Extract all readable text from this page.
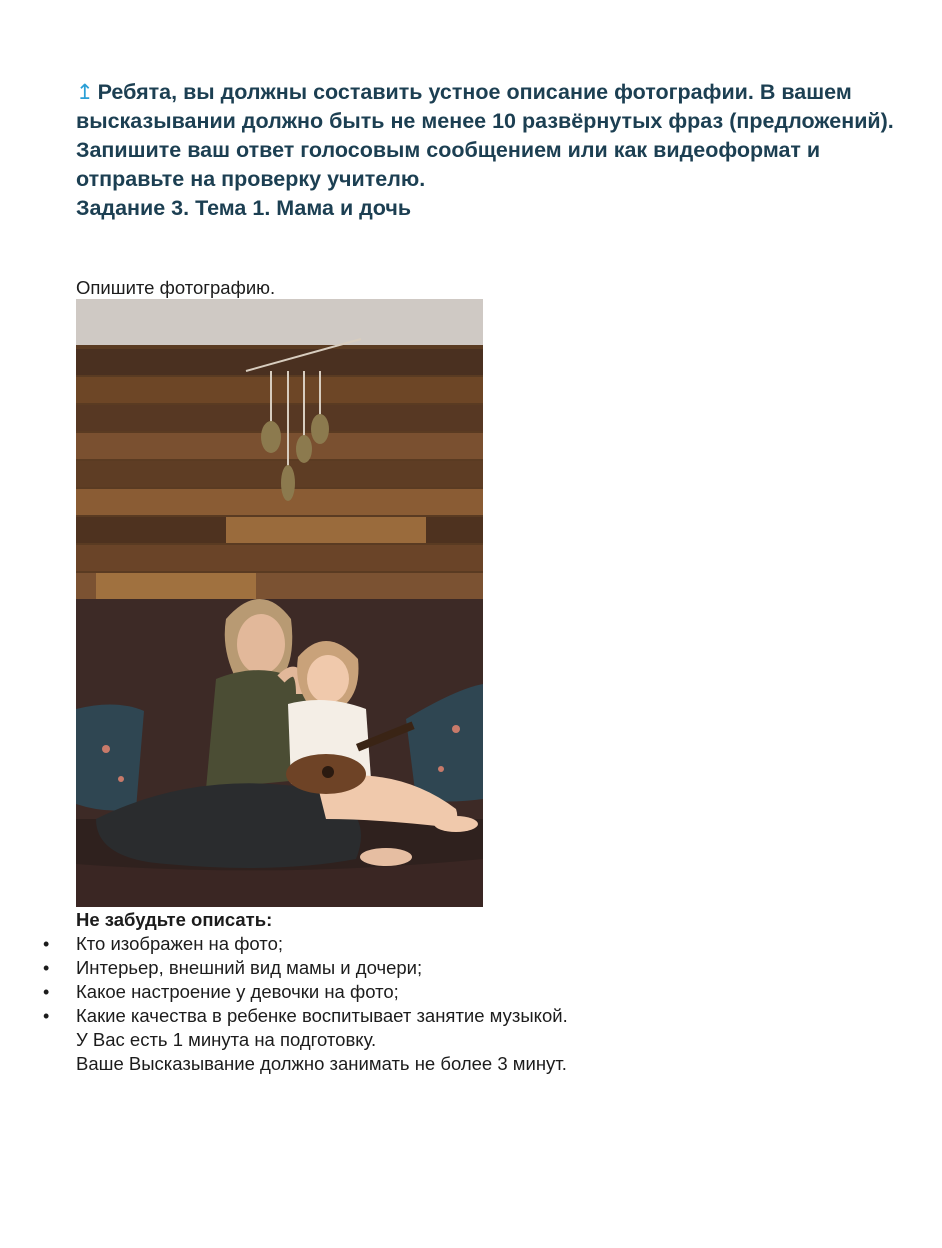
↥ Ребята, вы должны составить устное описание фотографии. В вашем высказывании должно быть не менее 10 развёрнутых фраз (предложений).

Запишите ваш ответ голосовым сообщением или как видеоформат и отправьте на проверку учителю.

Задание 3. Тема 1. Мама и дочь

Опишите фотографию.
Не забудьте описать:
• Кто изображен на фото;
• Интерьер, внешний вид мамы и дочери;
• Какое настроение у девочки на фото;
• Какие качества в ребенке воспитывает занятие музыкой.

У Вас есть 1 минута на подготовку.

Ваше Высказывание должно занимать не более 3 минут.
